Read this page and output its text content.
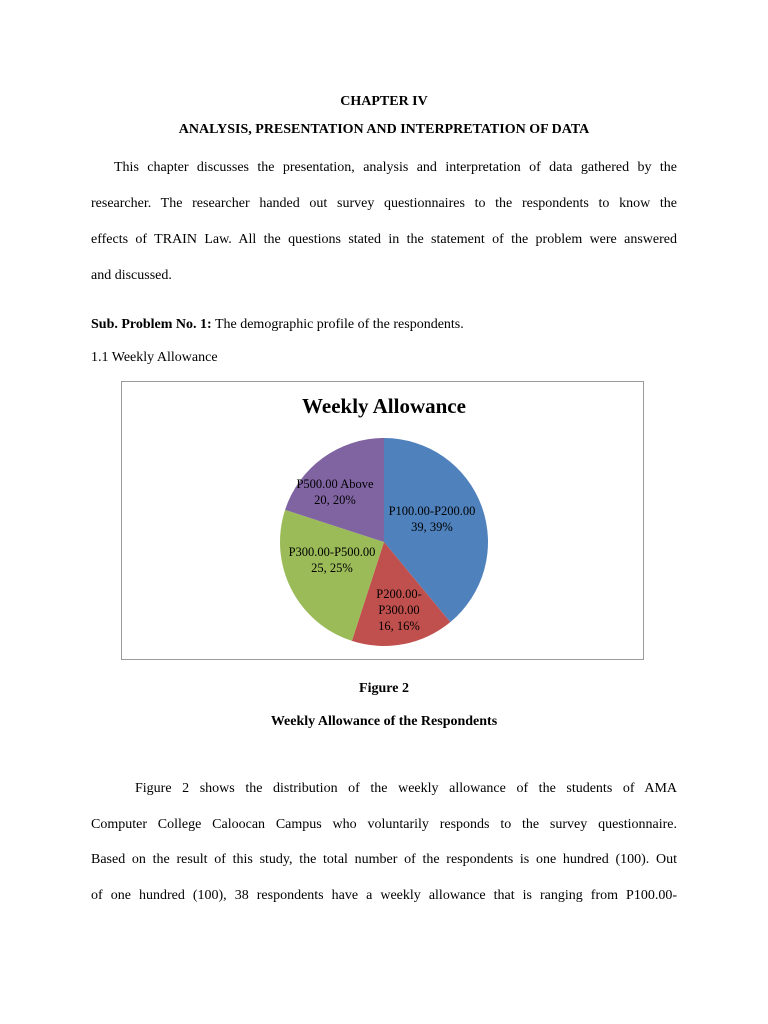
CHAPTER IV
ANALYSIS, PRESENTATION AND INTERPRETATION OF DATA
This chapter discusses the presentation, analysis and interpretation of data gathered by the
researcher. The researcher handed out survey questionnaires to the respondents to know the
effects of TRAIN Law. All the questions stated in the statement of the problem were answered
and discussed.
Sub. Problem No. 1: The demographic profile of the respondents.
1.1 Weekly Allowance
Weekly Allowance
P100.00-P200.00 39, 39%
P200.00-P300.00 16, 16%
P300.00-P500.00 25, 25%
P500.00 Above 20, 20%
Figure 2
Weekly Allowance of the Respondents
Figure 2 shows the distribution of the weekly allowance of the students of AMA
Computer College Caloocan Campus who voluntarily responds to the survey questionnaire.
Based on the result of this study, the total number of the respondents is one hundred (100). Out
of one hundred (100), 38 respondents have a weekly allowance that is ranging from P100.00-
